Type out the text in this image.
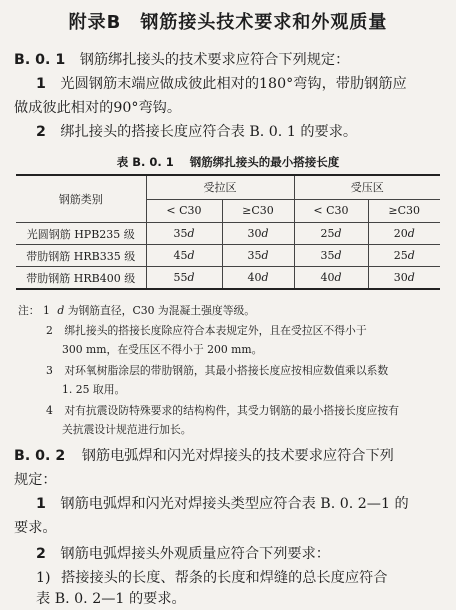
附录B　钢筋接头技术要求和外观质量
B. 0. 1 钢筋绑扎接头的技术要求应符合下列规定：
1 光圆钢筋末端应做成彼此相对的180°弯钩，带肋钢筋应
做成彼此相对的90°弯钩。
2 绑扎接头的搭接长度应符合表 B. 0. 1 的要求。
表 B. 0. 1 钢筋绑扎接头的最小搭接长度
钢筋类别	受拉区		受压区	
	< C30	≥C30	< C30	≥C30
光圆钢筋 HPB235 级	35d	30d	25d	20d
带肋钢筋 HRB335 级	45d	35d	35d	25d
带肋钢筋 HRB400 级	55d	40d	40d	30d
注： 1 d 为钢筋直径，C30 为混凝土强度等级。
2 绑扎接头的搭接长度除应符合本表规定外，且在受拉区不得小于
300 mm，在受压区不得小于 200 mm。
3 对环氧树脂涂层的带肋钢筋，其最小搭接长度应按相应数值乘以系数
1. 25 取用。
4 对有抗震设防特殊要求的结构构件，其受力钢筋的最小搭接长度应按有
关抗震设计规范进行加长。
B. 0. 2 钢筋电弧焊和闪光对焊接头的技术要求应符合下列
规定：
1 钢筋电弧焊和闪光对焊接头类型应符合表 B. 0. 2—1 的
要求。
2 钢筋电弧焊接头外观质量应符合下列要求：
1) 搭接接头的长度、帮条的长度和焊缝的总长度应符合
表 B. 0. 2—1 的要求。
